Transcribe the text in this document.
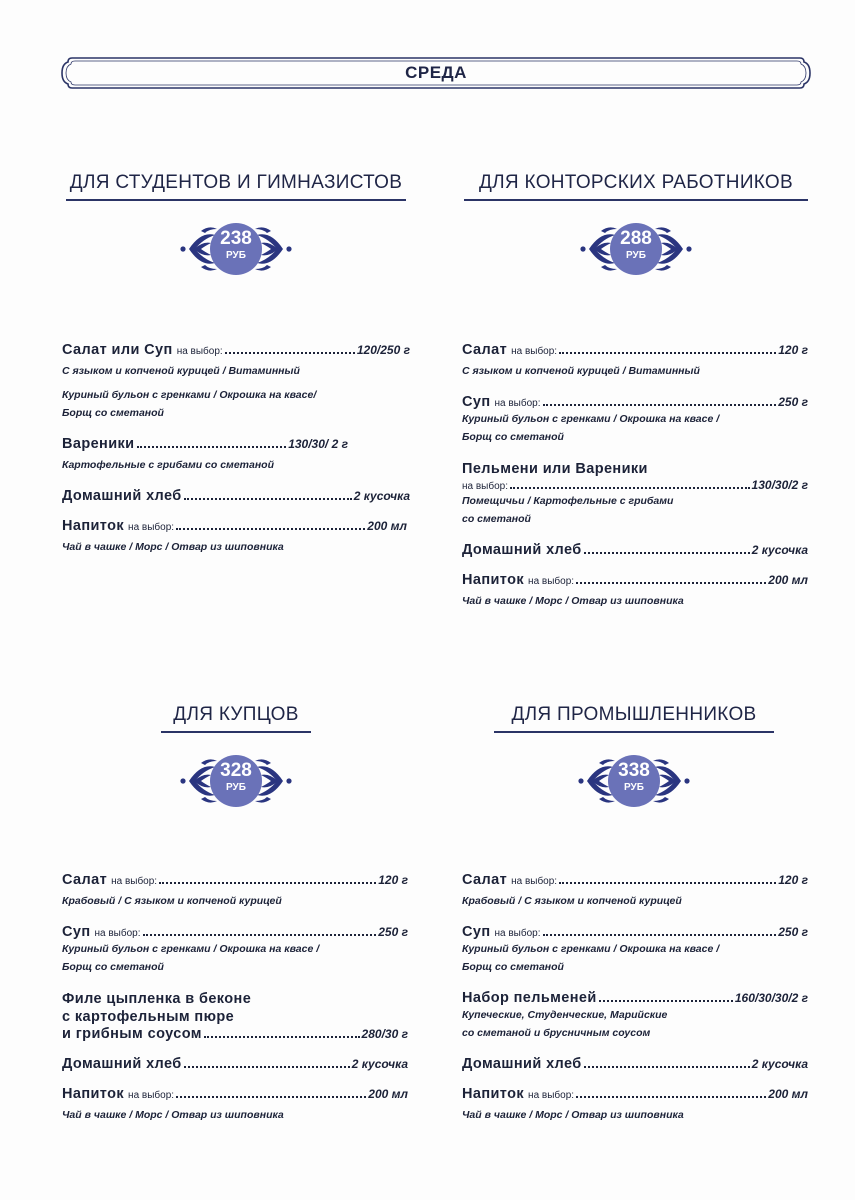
СРЕДА
ДЛЯ СТУДЕНТОВ И ГИМНАЗИСТОВ
238
РУБ
Салат или Суп на выбор:	120/250 г
С языком и копченой курицей / Витаминный
Куриный бульон с гренками / Окрошка на квасе/
Борщ со сметаной
Вареники	130/30/ 2 г
Картофельные с грибами со сметаной
Домашний хлеб	2 кусочка
Напиток на выбор:	200 мл
Чай в чашке / Морс / Отвар из шиповника
ДЛЯ КОНТОРСКИХ РАБОТНИКОВ
288
РУБ
Салат на выбор:	120 г
С языком и копченой курицей / Витаминный
Суп на выбор:	250 г
Куриный бульон с гренками / Окрошка на квасе /
Борщ со сметаной
Пельмени или Вареники
на выбор:	130/30/2 г
Помещичьи / Картофельные с грибами
со сметаной
Домашний хлеб	2 кусочка
Напиток на выбор:	200 мл
Чай в чашке / Морс / Отвар из шиповника
ДЛЯ КУПЦОВ
328
РУБ
Салат на выбор:	120 г
Крабовый / С языком и копченой курицей
Суп на выбор:	250 г
Куриный бульон с гренками / Окрошка на квасе /
Борщ со сметаной
Филе цыпленка в беконе
с картофельным пюре
и грибным соусом	280/30 г
Домашний хлеб	2 кусочка
Напиток на выбор:	200 мл
Чай в чашке / Морс / Отвар из шиповника
ДЛЯ ПРОМЫШЛЕННИКОВ
338
РУБ
Салат на выбор:	120 г
Крабовый / С языком и копченой курицей
Суп на выбор:	250 г
Куриный бульон с гренками / Окрошка на квасе /
Борщ со сметаной
Набор пельменей	160/30/30/2 г
Купеческие, Студенческие, Марийские
со сметаной и брусничным соусом
Домашний хлеб	2 кусочка
Напиток на выбор:	200 мл
Чай в чашке / Морс / Отвар из шиповника
